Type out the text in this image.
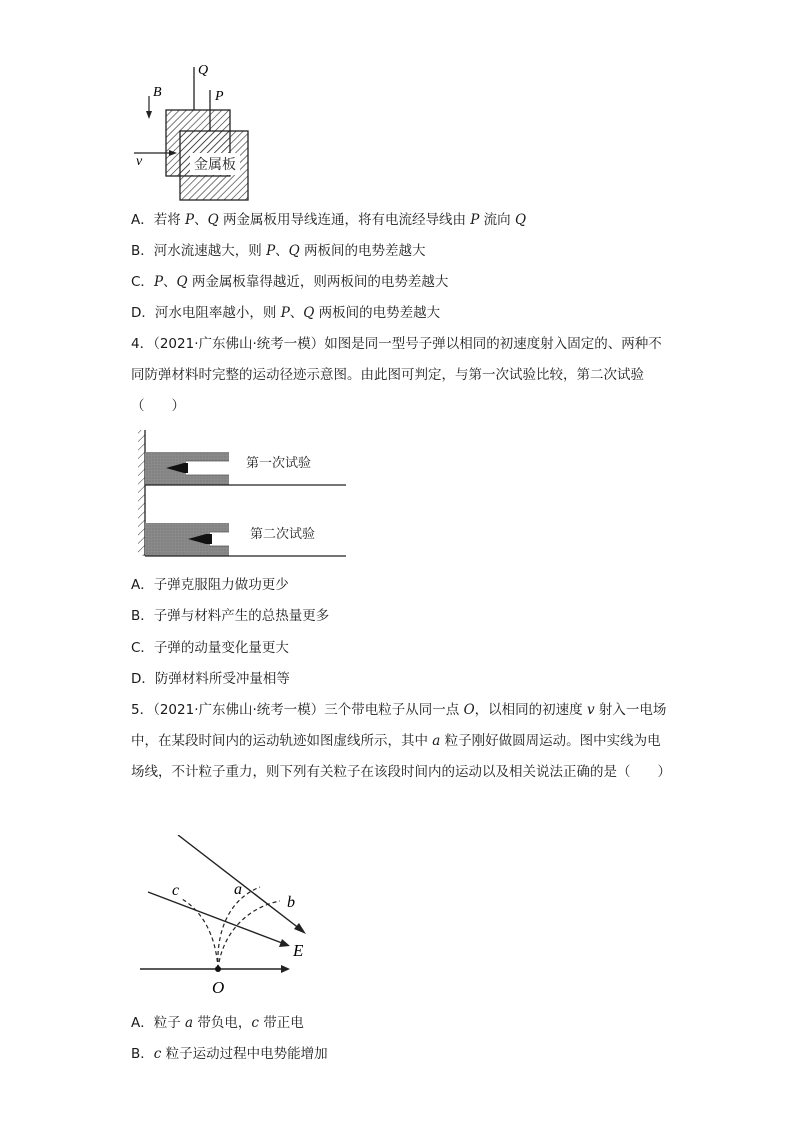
金属板
B
v
Q
P
A．若将 P、Q 两金属板用导线连通，将有电流经导线由 P 流向 Q
B．河水流速越大，则 P、Q 两板间的电势差越大
C．P、Q 两金属板靠得越近，则两板间的电势差越大
D．河水电阻率越小，则 P、Q 两板间的电势差越大
4．（2021·广东佛山·统考一模）如图是同一型号子弹以相同的初速度射入固定的、两种不同防弹材料时完整的运动径迹示意图。由此图可判定，与第一次试验比较，第二次试验（　　）
第一次试验
第二次试验
A．子弹克服阻力做功更少
B．子弹与材料产生的总热量更多
C．子弹的动量变化量更大
D．防弹材料所受冲量相等
5．（2021·广东佛山·统考一模）三个带电粒子从同一点 O，以相同的初速度 v 射入一电场中，在某段时间内的运动轨迹如图虚线所示，其中 a 粒子刚好做圆周运动。图中实线为电场线，不计粒子重力，则下列有关粒子在该段时间内的运动以及相关说法正确的是（　　）
c	a
b
E
O
A．粒子 a 带负电，c 带正电
B．c 粒子运动过程中电势能增加
